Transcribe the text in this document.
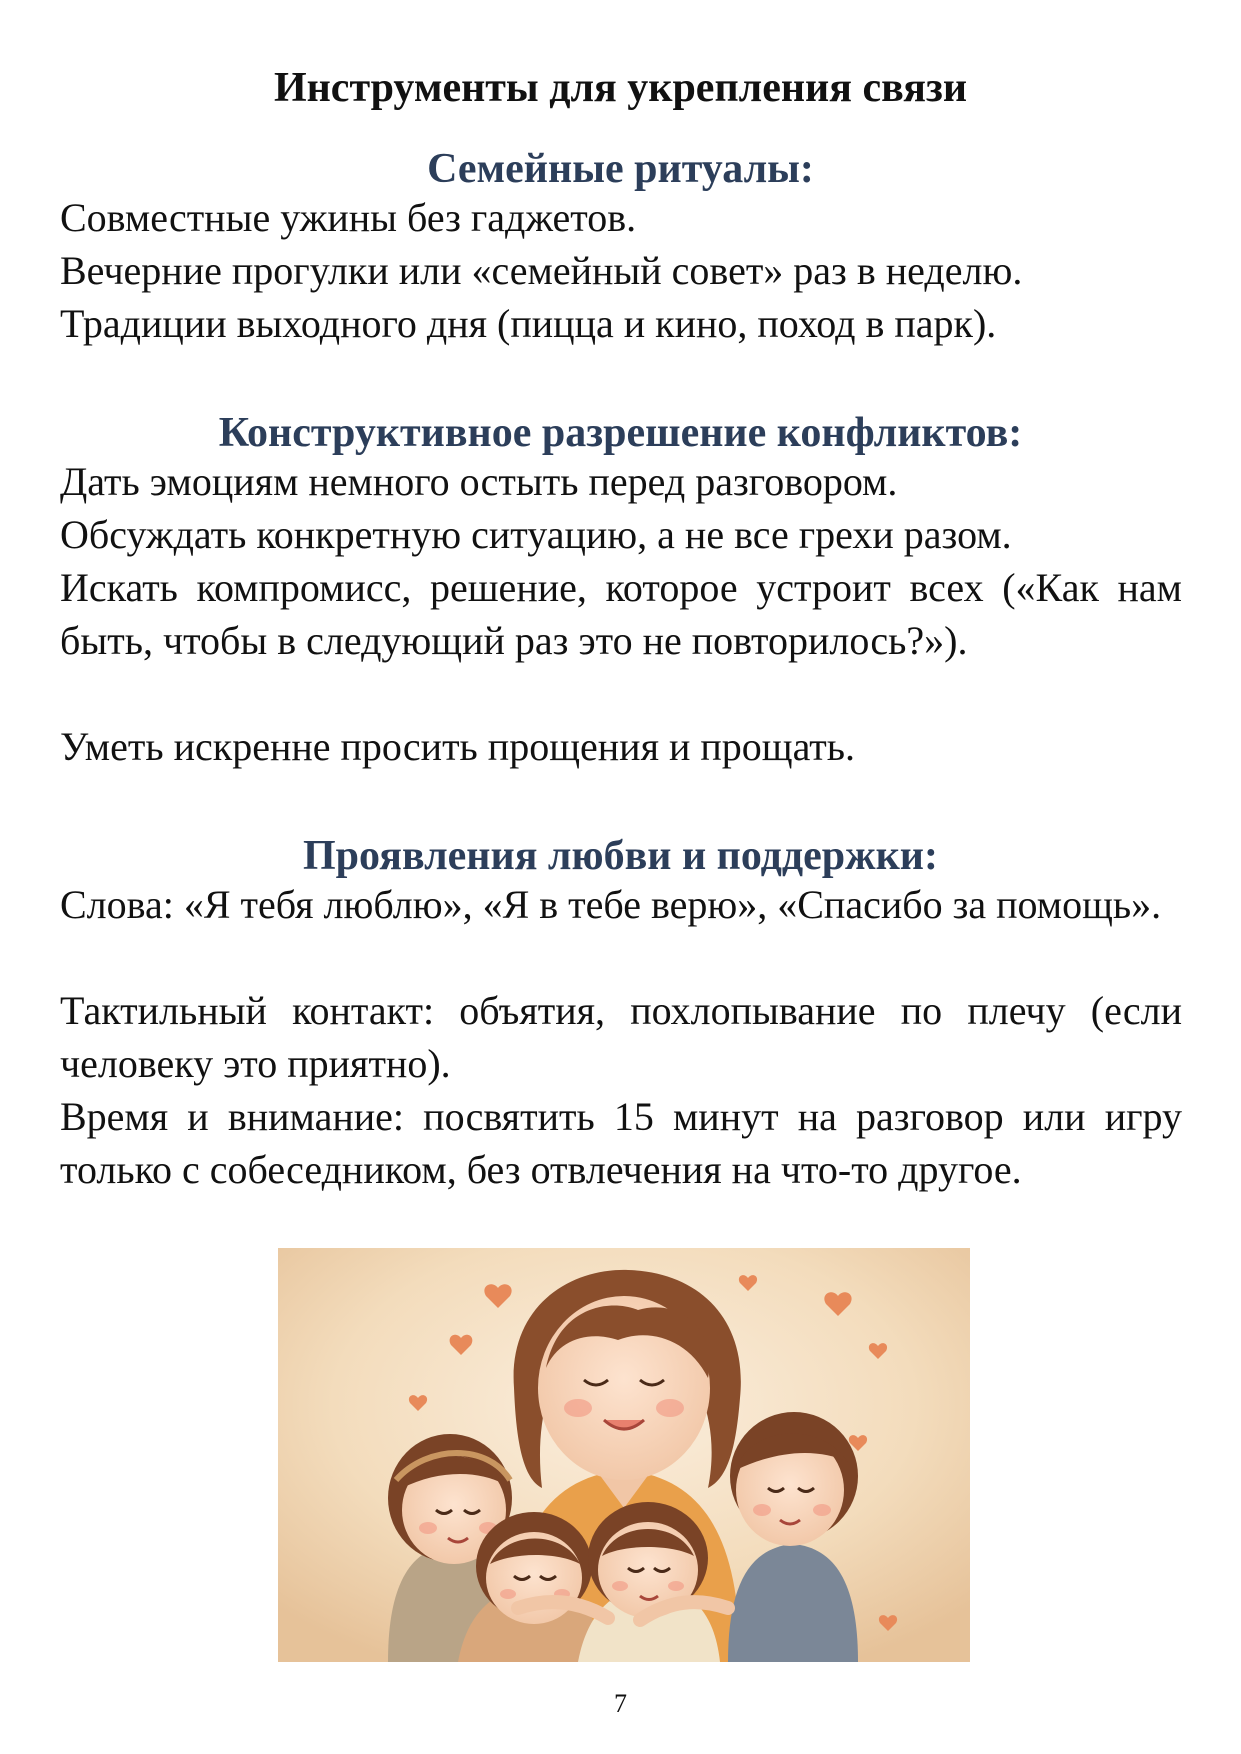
Инструменты для укрепления связи
Семейные ритуалы:
Совместные ужины без гаджетов.
Вечерние прогулки или «семейный совет» раз в неделю.
Традиции выходного дня (пицца и кино, поход в парк).
Конструктивное разрешение конфликтов:
Дать эмоциям немного остыть перед разговором.
Обсуждать конкретную ситуацию, а не все грехи разом.
Искать компромисс, решение, которое устроит всех («Как нам быть, чтобы в следующий раз это не повторилось?»).
Уметь искренне просить прощения и прощать.
Проявления любви и поддержки:
Слова: «Я тебя люблю», «Я в тебе верю», «Спасибо за помощь».
Тактильный контакт: объятия, похлопывание по плечу (если человеку это приятно).
Время и внимание: посвятить 15 минут на разговор или игру только с собеседником, без отвлечения на что-то другое.
7
